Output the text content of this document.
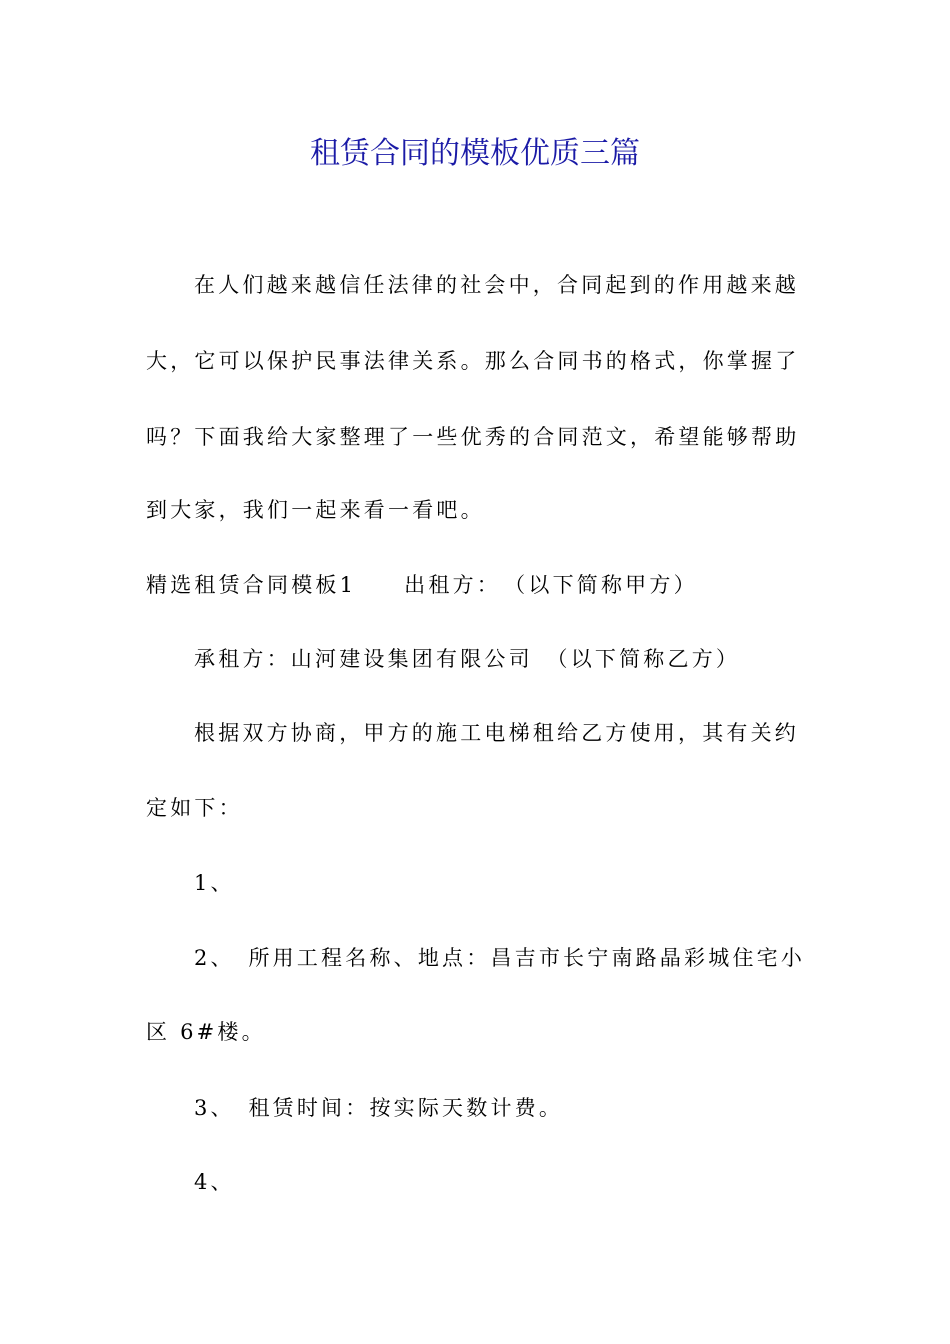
租赁合同的模板优质三篇
在人们越来越信任法律的社会中，合同起到的作用越来越
大，它可以保护民事法律关系。那么合同书的格式，你掌握了
吗？下面我给大家整理了一些优秀的合同范文，希望能够帮助
到大家，我们一起来看一看吧。
精选租赁合同模板1 出租方：　（以下简称甲方）
承租方：山河建设集团有限公司　（以下简称乙方）
根据双方协商，甲方的施工电梯租给乙方使用，其有关约
定如下：
1、
2、　所用工程名称、地点：昌吉市长宁南路晶彩城住宅小
区 6#楼。
3、　租赁时间：按实际天数计费。
4、
